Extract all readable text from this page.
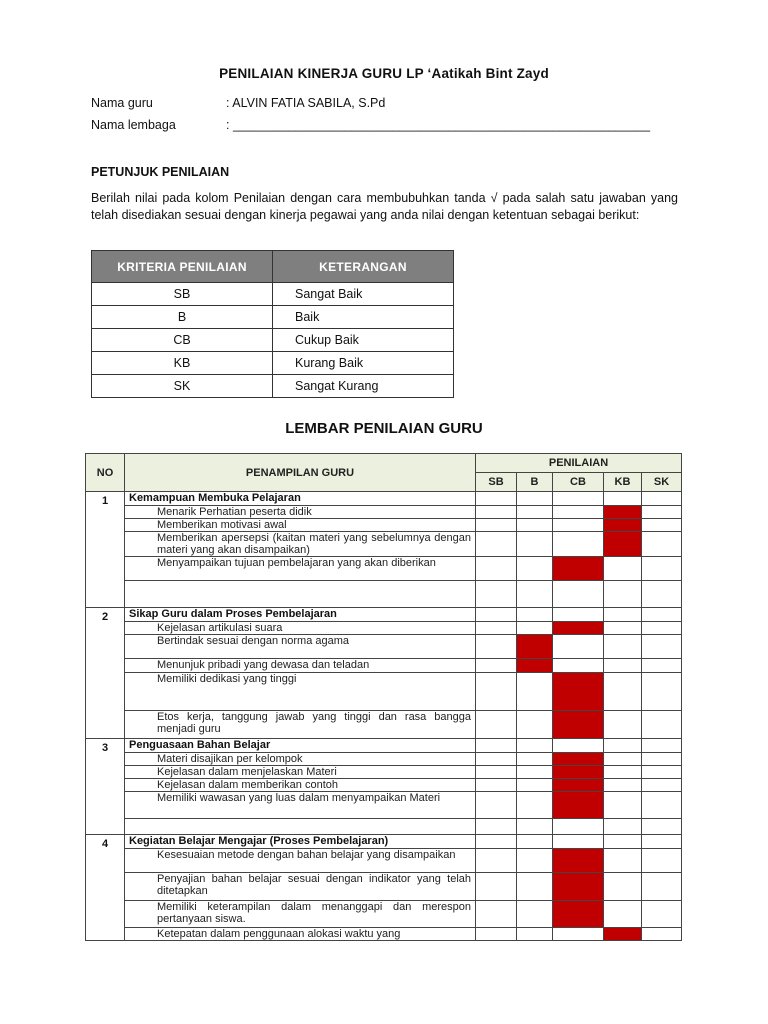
PENILAIAN KINERJA GURU LP ‘Aatikah Bint Zayd
Nama guru	: ALVIN FATIA SABILA, S.Pd
Nama lembaga	: ____________________________________________________________
PETUNJUK PENILAIAN
Berilah nilai pada kolom Penilaian dengan cara membubuhkan tanda √ pada salah satu jawaban yang telah disediakan sesuai dengan kinerja pegawai yang anda nilai dengan ketentuan sebagai berikut:
KRITERIA PENILAIAN	KETERANGAN
SB	Sangat Baik
B	Baik
CB	Cukup Baik
KB	Kurang Baik
SK	Sangat Kurang
LEMBAR PENILAIAN GURU
NO	PENAMPILAN GURU	PENILAIAN				
		SB	B	CB	KB	SK
1	Kemampuan Membuka Pelajaran					
	Menarik Perhatian peserta didik					
	Memberikan motivasi awal					
	Memberikan apersepsi (kaitan materi yang sebelumnya dengan materi yang akan disampaikan)					
	Menyampaikan tujuan pembelajaran yang akan diberikan					

2	Sikap Guru dalam Proses Pembelajaran					
	Kejelasan artikulasi suara					
	Bertindak sesuai dengan norma agama					
	Menunjuk pribadi yang dewasa dan teladan					
	Memiliki dedikasi yang tinggi					
	Etos kerja, tanggung jawab yang tinggi dan rasa bangga menjadi guru					
3	Penguasaan Bahan Belajar					
	Materi disajikan per kelompok					
	Kejelasan dalam menjelaskan Materi					
	Kejelasan dalam memberikan contoh					
	Memiliki wawasan yang luas dalam menyampaikan Materi					

4	Kegiatan Belajar Mengajar (Proses Pembelajaran)					
	Kesesuaian metode dengan bahan belajar yang disampaikan					
	Penyajian bahan belajar sesuai dengan indikator yang telah ditetapkan					
	Memiliki keterampilan dalam menanggapi dan merespon pertanyaan siswa.					
	Ketepatan dalam penggunaan alokasi waktu yang					
